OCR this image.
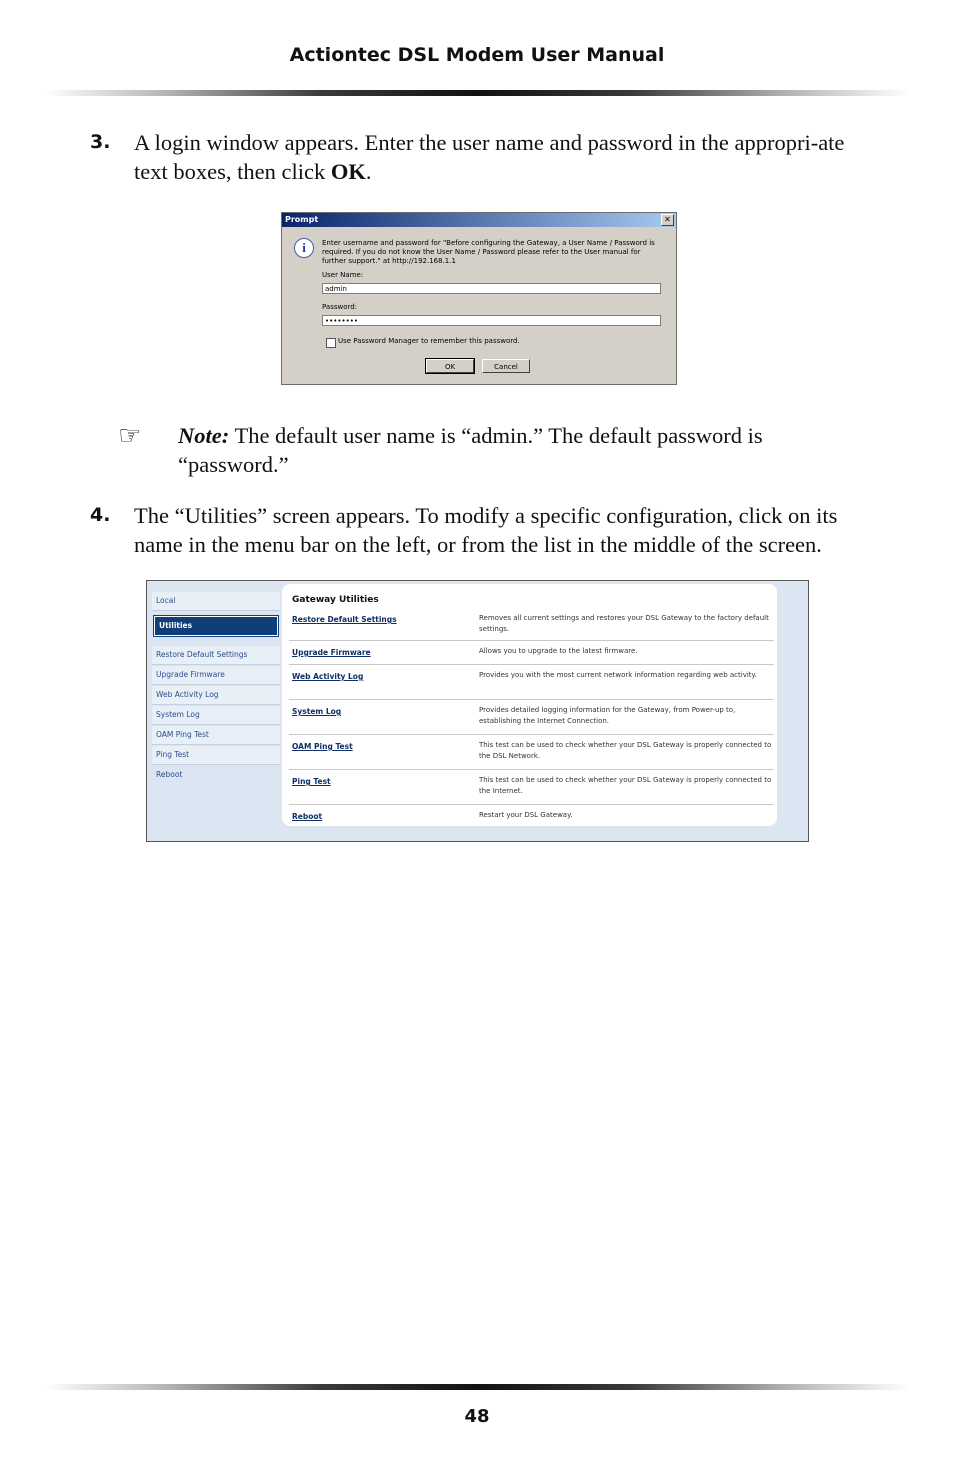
Actiontec DSL Modem User Manual
3. A login window appears. Enter the user name and password in the appropri-ate text boxes, then click OK.
Prompt	✕
i	Enter username and password for "Before configuring the Gateway, a User Name / Password is required. If you do not know the User Name / Password please refer to the User manual for further support." at http://192.168.1.1
User Name:
admin
Password:
••••••••
Use Password Manager to remember this password.
OK	Cancel
☞ Note: The default user name is “admin.” The default password is “password.”
4. The “Utilities” screen appears. To modify a specific configuration, click on its name in the menu bar on the left, or from the list in the middle of the screen.
Local
Utilities
Restore Default Settings
Upgrade Firmware
Web Activity Log
System Log
OAM Ping Test
Ping Test
Reboot
Gateway Utilities
Restore Default Settings	Removes all current settings and restores your DSL Gateway to the factory default settings.
Upgrade Firmware	Allows you to upgrade to the latest firmware.
Web Activity Log	Provides you with the most current network information regarding web activity.
System Log	Provides detailed logging information for the Gateway, from Power-up to, establishing the Internet Connection.
OAM Ping Test	This test can be used to check whether your DSL Gateway is properly connected to the DSL Network.
Ping Test	This test can be used to check whether your DSL Gateway is properly connected to the Internet.
Reboot	Restart your DSL Gateway.
48
